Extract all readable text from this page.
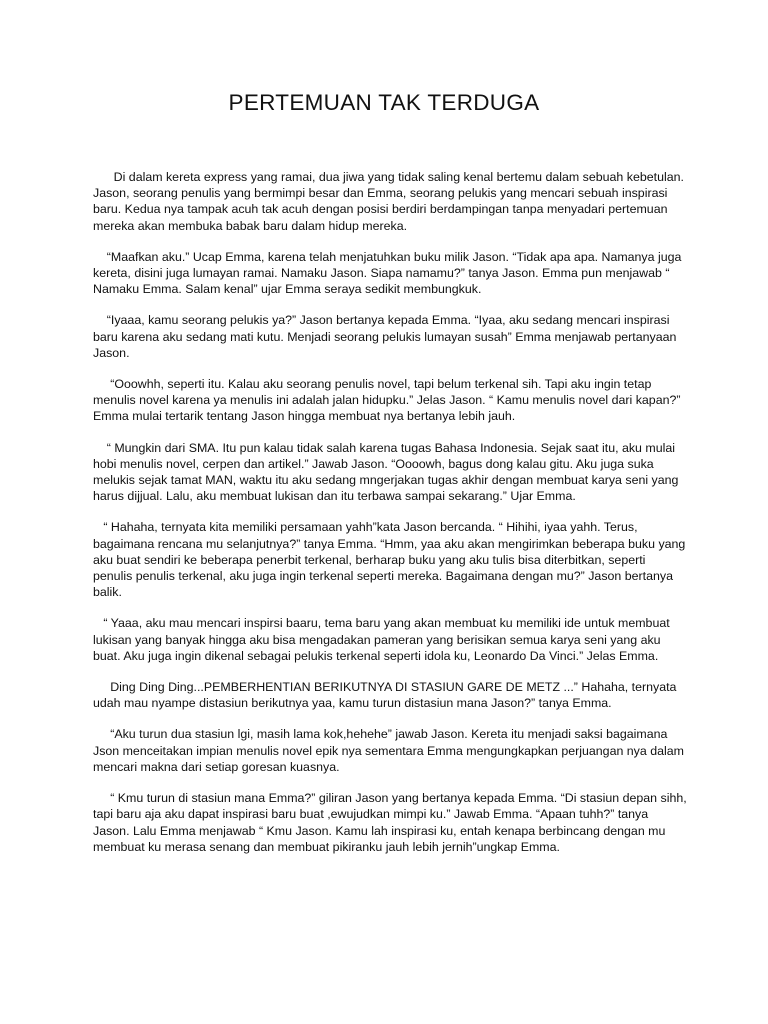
PERTEMUAN TAK TERDUGA

Di dalam kereta express yang ramai, dua jiwa yang tidak saling kenal bertemu dalam sebuah kebetulan. Jason, seorang penulis yang bermimpi besar dan Emma, seorang pelukis yang mencari sebuah inspirasi baru. Kedua nya tampak acuh tak acuh dengan posisi berdiri berdampingan tanpa menyadari pertemuan mereka akan membuka babak baru dalam hidup mereka.

“Maafkan aku.” Ucap Emma, karena telah menjatuhkan buku milik Jason. “Tidak apa apa. Namanya juga kereta, disini juga lumayan ramai. Namaku Jason. Siapa namamu?” tanya Jason. Emma pun menjawab “ Namaku Emma. Salam kenal” ujar Emma seraya sedikit membungkuk.

“Iyaaa, kamu seorang pelukis ya?” Jason bertanya kepada Emma. “Iyaa, aku sedang mencari inspirasi baru karena aku sedang mati kutu. Menjadi seorang pelukis lumayan susah” Emma menjawab pertanyaan Jason.

“Ooowhh, seperti itu. Kalau aku seorang penulis novel, tapi belum terkenal sih. Tapi aku ingin tetap menulis novel karena ya menulis ini adalah jalan hidupku.” Jelas Jason. “ Kamu menulis novel dari kapan?” Emma mulai tertarik tentang Jason hingga membuat nya bertanya lebih jauh.

“ Mungkin dari SMA. Itu pun kalau tidak salah karena tugas Bahasa Indonesia. Sejak saat itu, aku mulai hobi menulis novel, cerpen dan artikel.” Jawab Jason. “Oooowh, bagus dong kalau gitu. Aku juga suka melukis sejak tamat MAN, waktu itu aku sedang mngerjakan tugas akhir dengan membuat karya seni yang harus dijjual. Lalu, aku membuat lukisan dan itu terbawa sampai sekarang.” Ujar Emma.

“ Hahaha, ternyata kita memiliki persamaan yahh”kata Jason bercanda. “ Hihihi, iyaa yahh. Terus, bagaimana rencana mu selanjutnya?” tanya Emma. “Hmm, yaa aku akan mengirimkan beberapa buku yang aku buat sendiri ke beberapa penerbit terkenal, berharap buku yang aku tulis bisa diterbitkan, seperti penulis penulis terkenal, aku juga ingin terkenal seperti mereka. Bagaimana dengan mu?” Jason bertanya balik.

“ Yaaa, aku mau mencari inspirsi baaru, tema baru yang akan membuat ku memiliki ide untuk membuat lukisan yang banyak hingga aku bisa mengadakan pameran yang berisikan semua karya seni yang aku buat. Aku juga ingin dikenal sebagai pelukis terkenal seperti idola ku, Leonardo Da Vinci.” Jelas Emma.

Ding Ding Ding...PEMBERHENTIAN BERIKUTNYA DI STASIUN GARE DE METZ ...” Hahaha, ternyata udah mau nyampe distasiun berikutnya yaa, kamu turun distasiun mana Jason?” tanya Emma.

“Aku turun dua stasiun lgi, masih lama kok,hehehe” jawab Jason. Kereta itu menjadi saksi bagaimana Json menceitakan impian menulis novel epik nya sementara Emma mengungkapkan perjuangan nya dalam mencari makna dari setiap goresan kuasnya.

“ Kmu turun di stasiun mana Emma?” giliran Jason yang bertanya kepada Emma. “Di stasiun depan sihh, tapi baru aja aku dapat inspirasi baru buat ,ewujudkan mimpi ku.” Jawab Emma. “Apaan tuhh?” tanya Jason. Lalu Emma menjawab “ Kmu Jason. Kamu lah inspirasi ku, entah kenapa berbincang dengan mu membuat ku merasa senang dan membuat pikiranku jauh lebih jernih”ungkap Emma.
